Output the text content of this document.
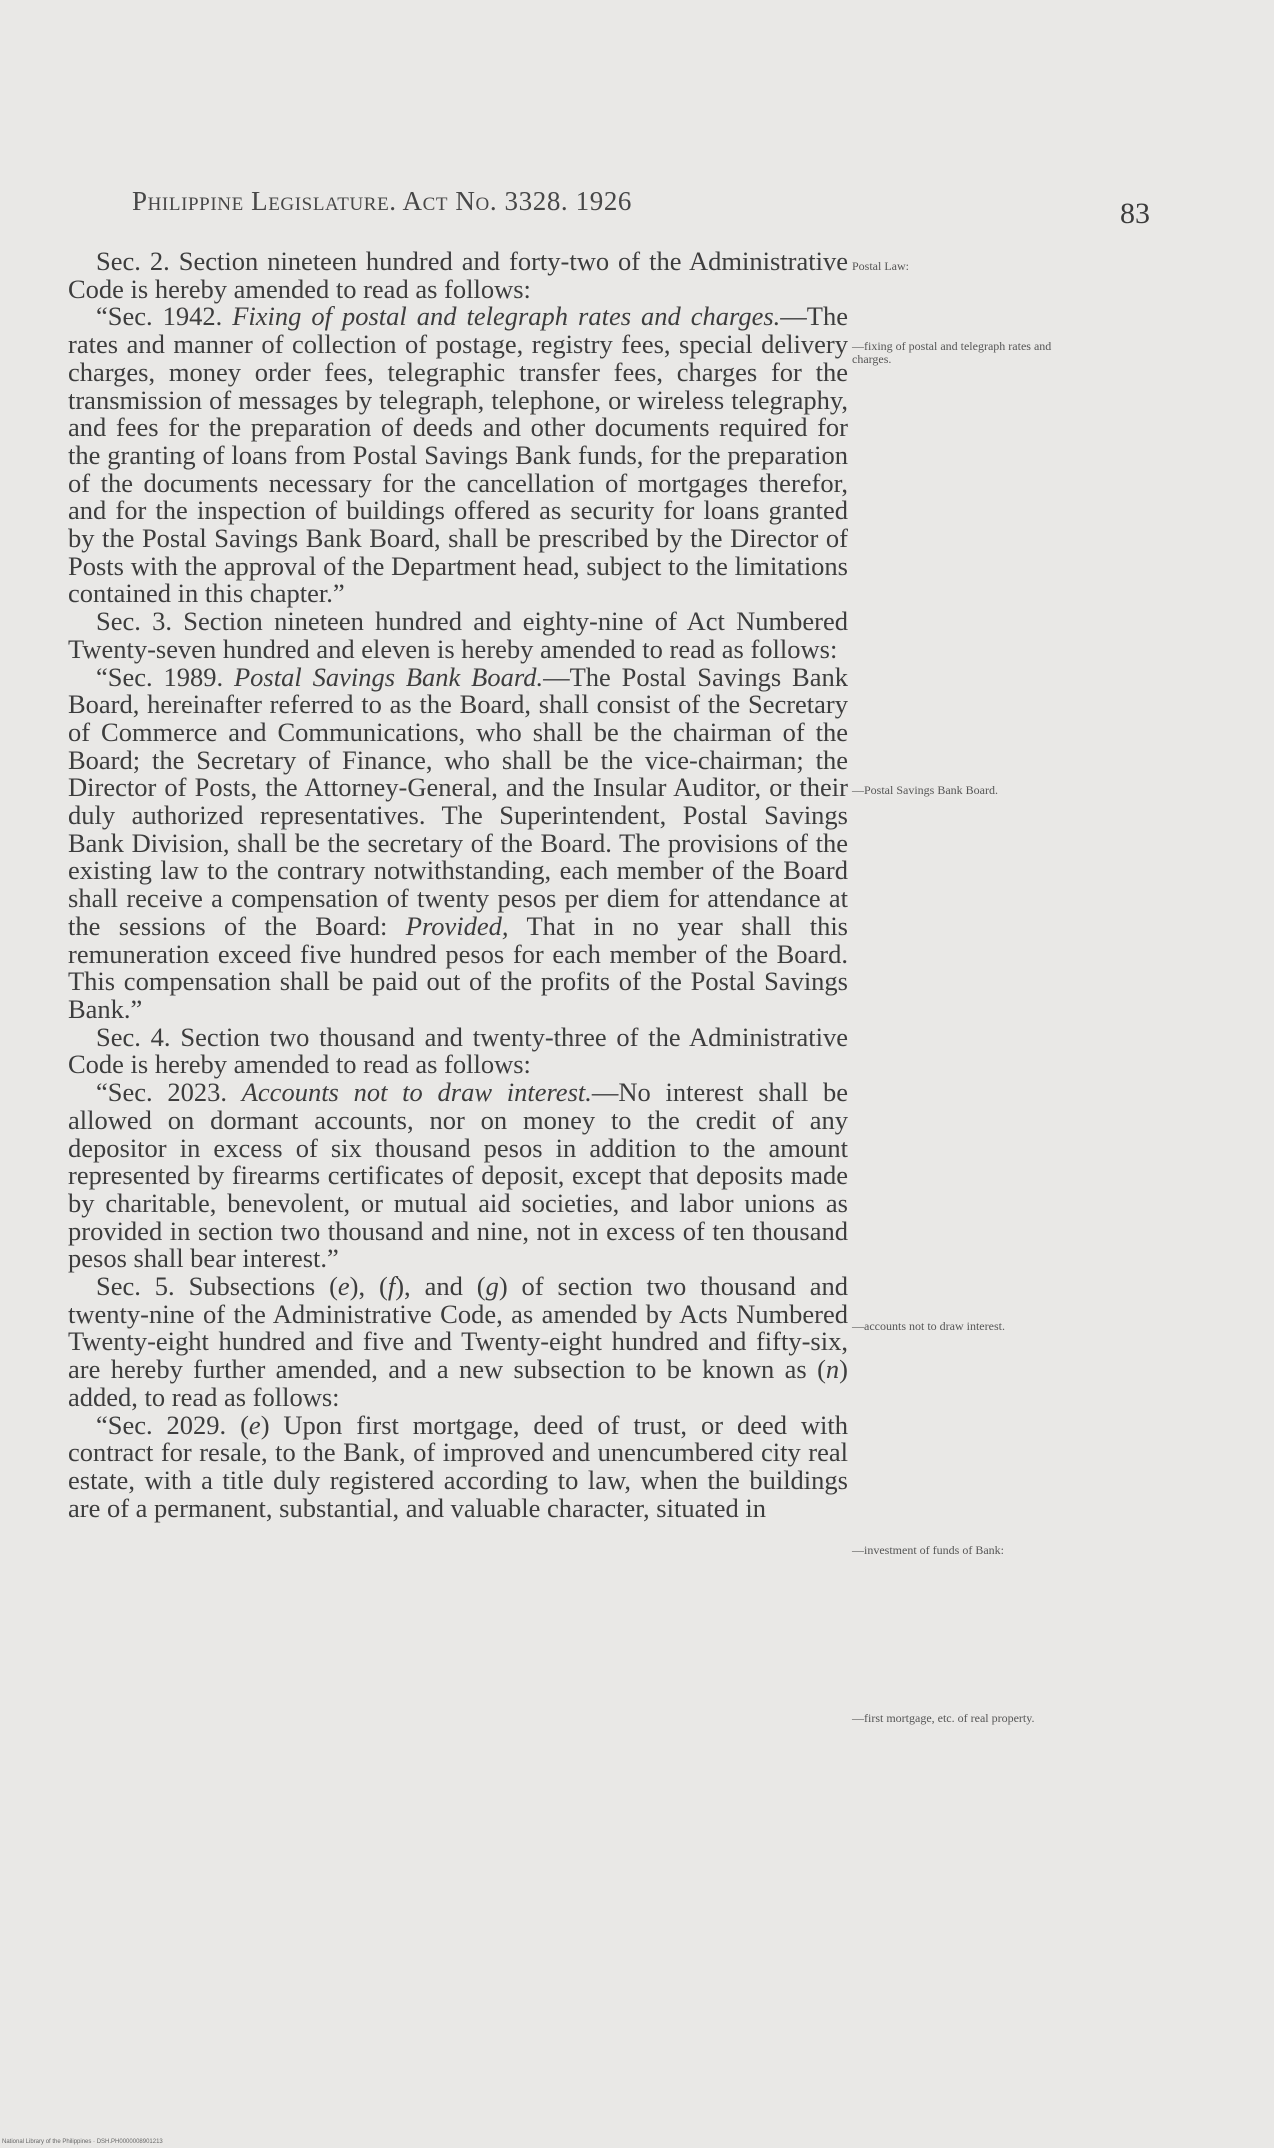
Philippine Legislature. Act No. 3328. 1926	83

Sec. 2. Section nineteen hundred and forty-two of the Administrative Code is hereby amended to read as follows:

“Sec. 1942. Fixing of postal and telegraph rates and charges.—The rates and manner of collection of postage, registry fees, special delivery charges, money order fees, telegraphic transfer fees, charges for the transmission of messages by telegraph, telephone, or wireless telegraphy, and fees for the preparation of deeds and other documents required for the granting of loans from Postal Savings Bank funds, for the preparation of the documents necessary for the cancellation of mortgages therefor, and for the inspection of buildings offered as security for loans granted by the Postal Savings Bank Board, shall be prescribed by the Director of Posts with the approval of the Department head, subject to the limitations contained in this chapter.”

Sec. 3. Section nineteen hundred and eighty-nine of Act Numbered Twenty-seven hundred and eleven is hereby amended to read as follows:

“Sec. 1989. Postal Savings Bank Board.—The Postal Savings Bank Board, hereinafter referred to as the Board, shall consist of the Secretary of Commerce and Communications, who shall be the chairman of the Board; the Secretary of Finance, who shall be the vice-chairman; the Director of Posts, the Attorney-General, and the Insular Auditor, or their duly authorized representatives. The Superintendent, Postal Savings Bank Division, shall be the secretary of the Board. The provisions of the existing law to the contrary notwithstanding, each member of the Board shall receive a compensation of twenty pesos per diem for attendance at the sessions of the Board: Provided, That in no year shall this remuneration exceed five hundred pesos for each member of the Board. This compensation shall be paid out of the profits of the Postal Savings Bank.”

Sec. 4. Section two thousand and twenty-three of the Administrative Code is hereby amended to read as follows:

“Sec. 2023. Accounts not to draw interest.—No interest shall be allowed on dormant accounts, nor on money to the credit of any depositor in excess of six thousand pesos in addition to the amount represented by firearms certificates of deposit, except that deposits made by charitable, benevolent, or mutual aid societies, and labor unions as provided in section two thousand and nine, not in excess of ten thousand pesos shall bear interest.”

Sec. 5. Subsections (e), (f), and (g) of section two thousand and twenty-nine of the Administrative Code, as amended by Acts Numbered Twenty-eight hundred and five and Twenty-eight hundred and fifty-six, are hereby further amended, and a new subsection to be known as (n) added, to read as follows:

“Sec. 2029. (e) Upon first mortgage, deed of trust, or deed with contract for resale, to the Bank, of improved and unencumbered city real estate, with a title duly registered according to law, when the buildings are of a permanent, substantial, and valuable character, situated in

Postal Law:
—fixing of postal and telegraph rates and charges.
—Postal Savings Bank Board.
—accounts not to draw interest.
—investment of funds of Bank:
—first mortgage, etc. of real property.
National Library of the Philippines · DSH.PH0000008901213
